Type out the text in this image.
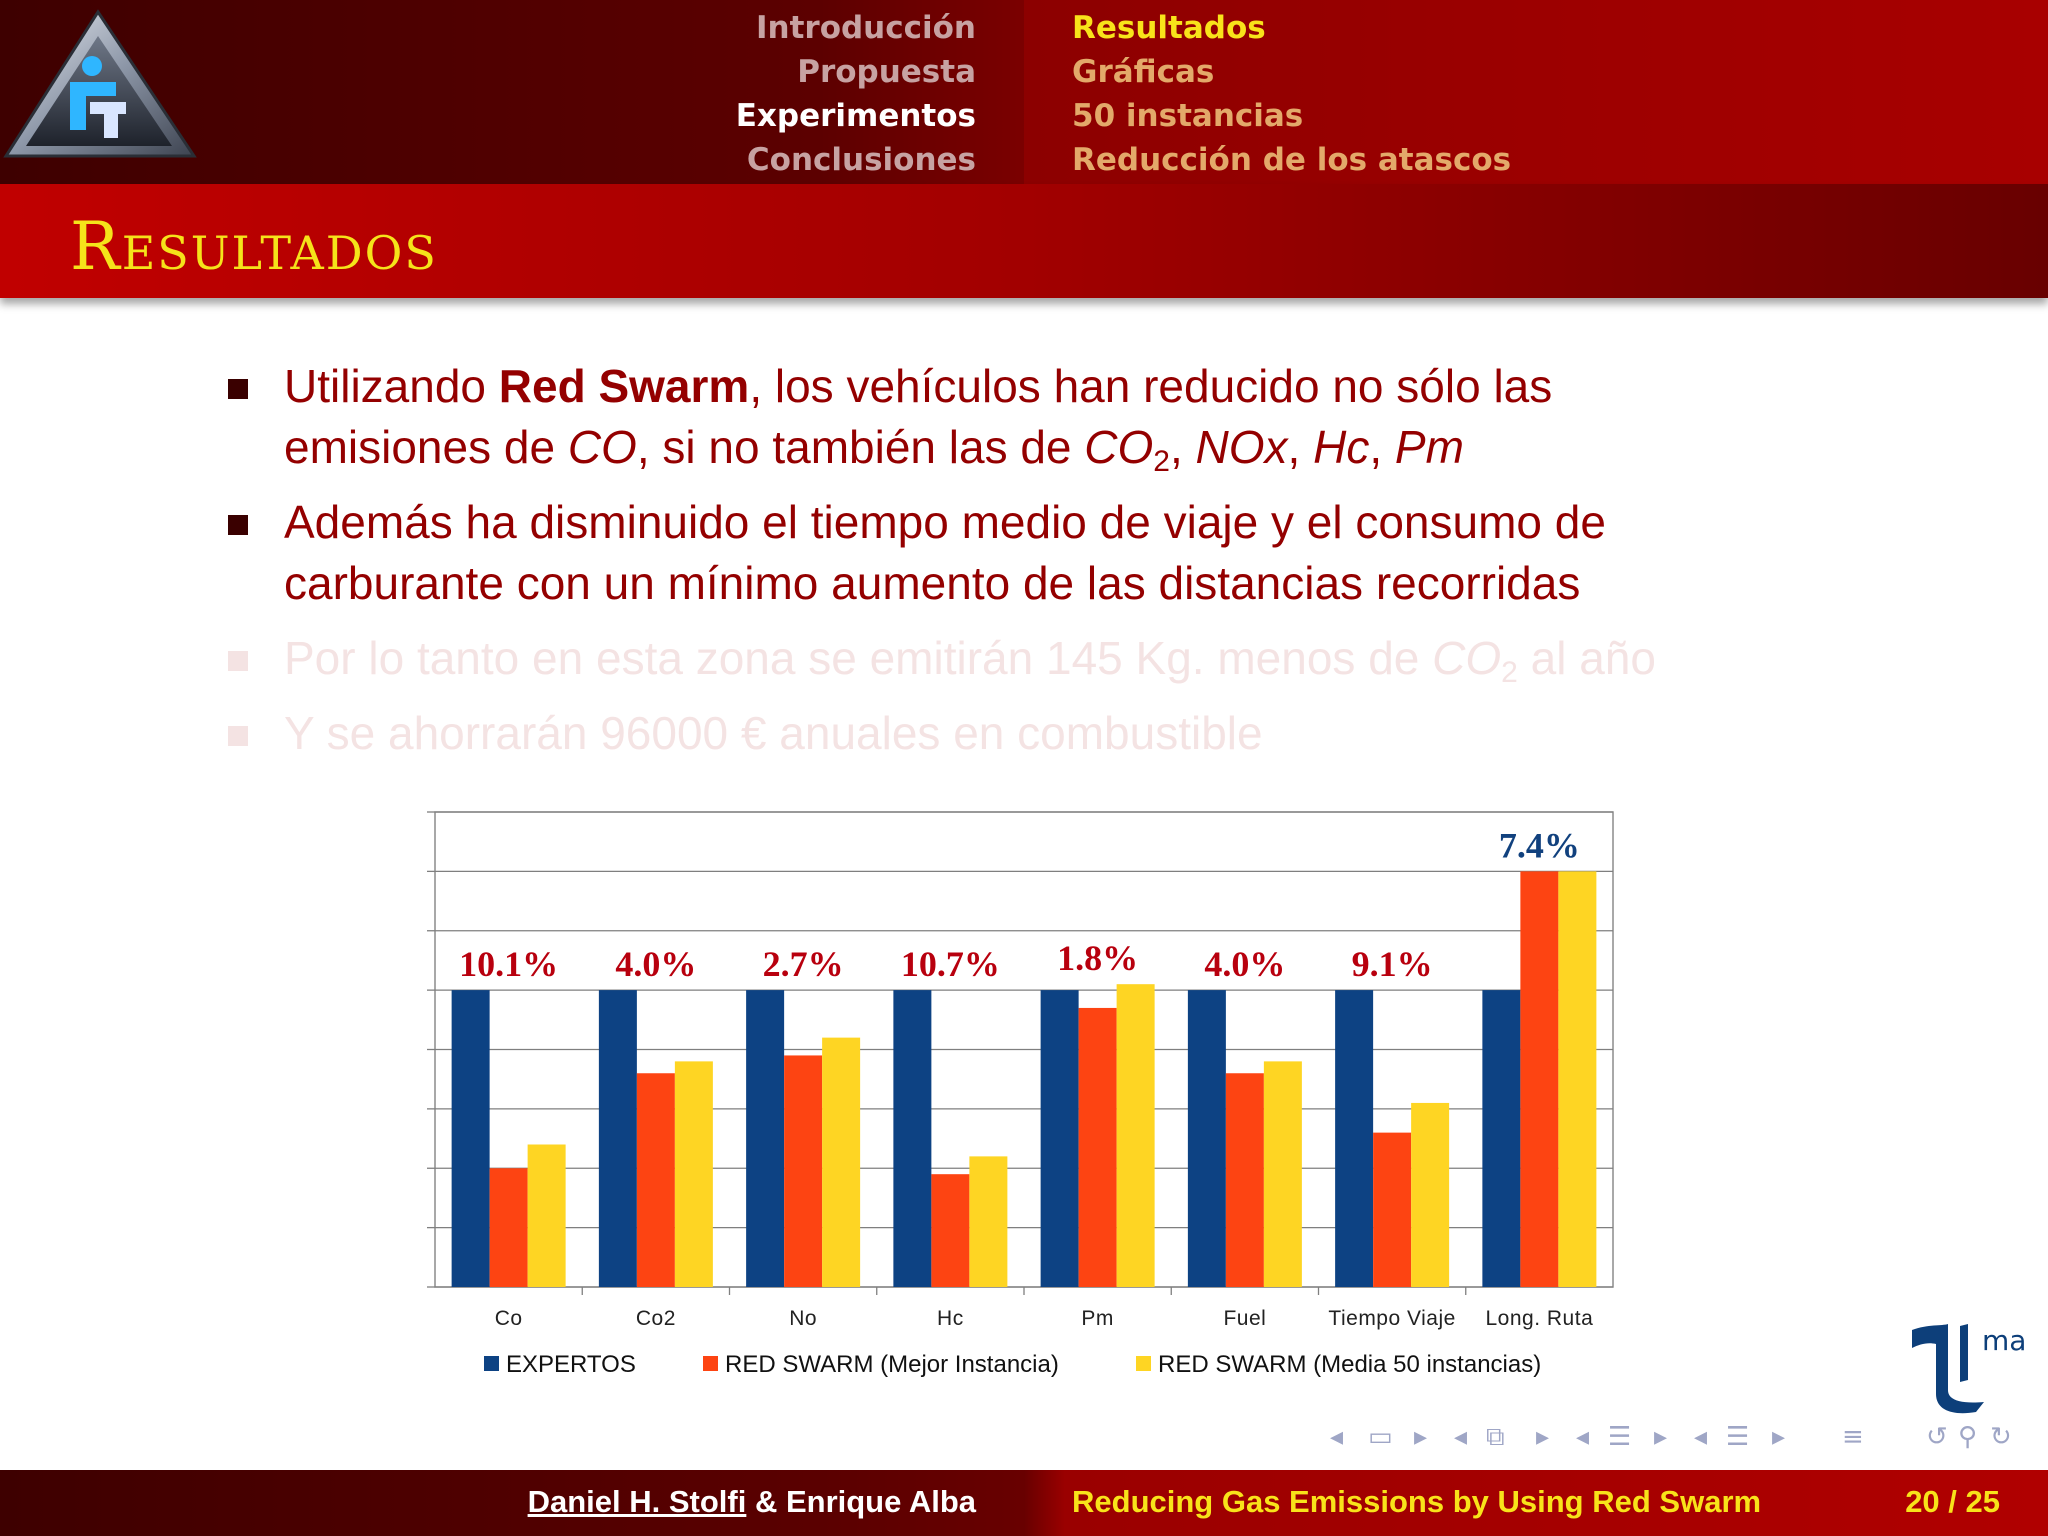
Introducción
Propuesta
Experimentos
Conclusiones
Resultados
Gráficas
50 instancias
Reducción de los atascos
Resultados
Utilizando Red Swarm, los vehículos han reducido no sólo las
emisiones de CO, si no también las de $CO_2$, NOx, Hc, Pm
Además ha disminuido el tiempo medio de viaje y el consumo de
carburante con un mínimo aumento de las distancias recorridas
Por lo tanto en esta zona se emitirán 145 Kg. menos de $CO_2$ al año
Y se ahorrarán 96000 € anuales en combustible
Co
10.1%
Co2
4.0%
No
2.7%
Hc
10.7%
Pm
1.8%
Fuel
4.0%
Tiempo Viaje
9.1%
Long. Ruta
7.4%
EXPERTOS	RED SWARM (Mejor Instancia)	RED SWARM (Media 50 instancias)
◂ ▭ ▸ ◂ ⧉ ▸ ◂ ☰ ▸ ◂ ☰ ▸ ≡ ↺ ⚲ ↻
ma
Daniel H. Stolfi & Enrique Alba	Reducing Gas Emissions by Using Red Swarm	20 / 25
